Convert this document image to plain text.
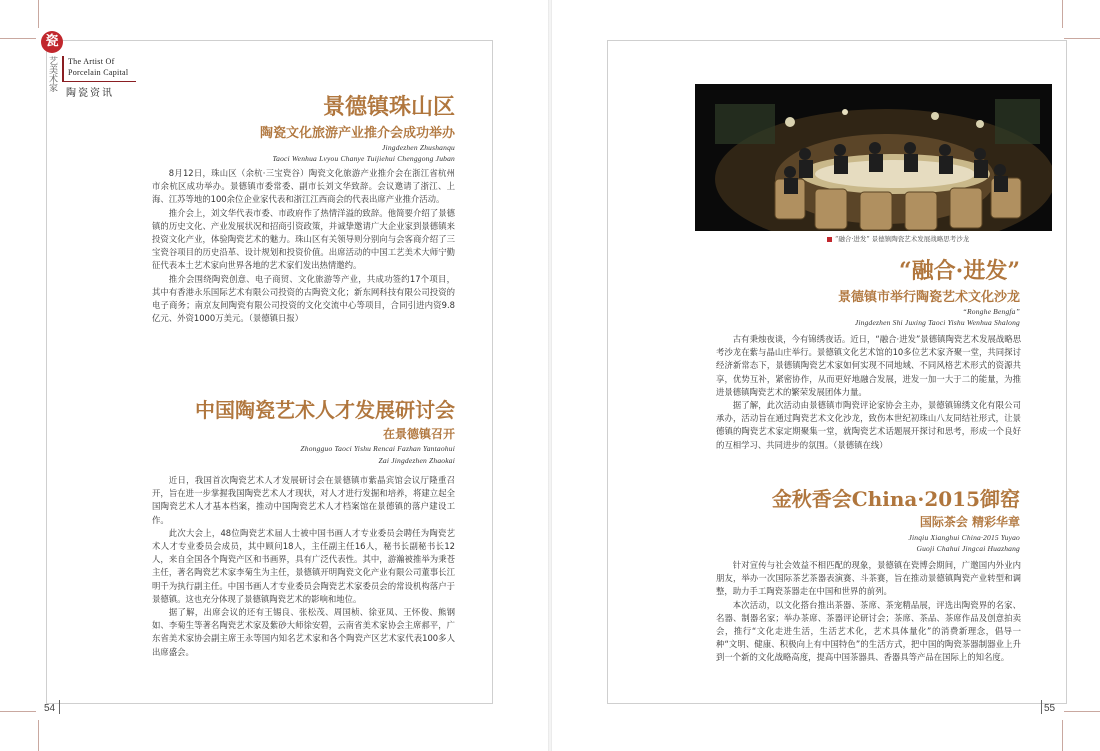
瓷
艺美术家 The Artist Of
Porcelain Capital
陶瓷资讯
景德镇珠山区
陶瓷文化旅游产业推介会成功举办
Jingdezhen Zhushanqu
Taoci Wenhua Lvyou Chanye Tuijiehui Chenggong Juban

8月12日，珠山区（余杭·三宝瓷谷）陶瓷文化旅游产业推介会在浙江省杭州市余杭区成功举办。景德镇市委常委、副市长刘文华致辞。会议邀请了浙江、上海、江苏等地的100余位企业家代表和浙江江西商会的代表出席产业推介活动。

推介会上，刘文华代表市委、市政府作了热情洋溢的致辞。他简要介绍了景德镇的历史文化、产业发展状况和招商引资政策，并诚挚邀请广大企业家到景德镇来投资文化产业，体验陶瓷艺术的魅力。珠山区有关领导则分别向与会客商介绍了三宝瓷谷项目的历史沿革、设计规划和投资价值。出席活动的中国工艺美术大师宁勤征代表本土艺术家向世界各地的艺术家们发出热情邀约。

推介会围绕陶瓷创意、电子商贸、文化旅游等产业，共成功签约17个项目，其中有香港永乐国际艺术有限公司投资的古陶瓷文化；新东网科技有限公司投资的电子商务；南京友间陶瓷有限公司投资的文化交流中心等项目，合同引进内资9.8亿元、外资1000万美元。（景德镇日报）

中国陶瓷艺术人才发展研讨会
在景德镇召开
Zhongguo Taoci Yishu Rencai Fazhan Yantaohui
Zai Jingdezhen Zhaokai

近日，我国首次陶瓷艺术人才发展研讨会在景德镇市紫晶宾馆会议厅隆重召开，旨在进一步掌握我国陶瓷艺术人才现状，对人才进行发掘和培养，将建立起全国陶瓷艺术人才基本档案，推动中国陶瓷艺术人才档案馆在景德镇的落户建设工作。

此次大会上，48位陶瓷艺术届人士被中国书画人才专业委员会聘任为陶瓷艺术人才专业委员会成员，其中顾问18人，主任副主任16人，秘书长副秘书长12人，来自全国各个陶瓷产区和书画界，具有广泛代表性。其中，游瀚被推举为秉苍主任，著名陶瓷艺术家李菊生为主任，景德镇开明陶瓷文化产业有限公司董事长江明千为执行副主任。中国书画人才专业委员会陶瓷艺术家委员会的常设机构落户于景德镇。这也充分体现了景德镇陶瓷艺术的影响和地位。

据了解，出席会议的还有王锡良、张松茂、周国桢、徐亚凤、王怀俊、熊钢如、李菊生等著名陶瓷艺术家及紫砂大师徐安碧，云南省美术家协会主席郝平，广东省美术家协会副主席王永等国内知名艺术家和各个陶瓷产区艺术家代表100多人出席盛会。

54
“融合·进发” 景德镇陶瓷艺术发展战略思考沙龙
“融合·进发”
景德镇市举行陶瓷艺术文化沙龙
“Ronghe Bengfa”
Jingdezhen Shi Juxing Taoci Yishu Wenhua Shalong

古有秉烛夜谈，今有锦绣夜话。近日，“融合·进发”景德镇陶瓷艺术发展战略思考沙龙在紫与晶山庄举行。景德镇文化艺术馆的10多位艺术家齐聚一堂，共同探讨经济新常态下，景德镇陶瓷艺术家如何实现不同地域、不同风格艺术形式的资源共享，优势互补，紧密协作，从而更好地融合发展，进发一加一大于二的能量，为推进景德镇陶瓷艺术的繁荣发展团体力量。

据了解，此次活动由景德镇市陶瓷评论家协会主办，景德镇锦绣文化有限公司承办，活动旨在通过陶瓷艺术文化沙龙，致伤本世纪初珠山八友同结社形式，让景德镇的陶瓷艺术家定期聚集一堂，就陶瓷艺术话题展开探讨和思考，形成一个良好的互相学习、共同进步的氛围。（景德镇在线）

金秋香会China·2015御窑
国际茶会 精彩华章
Jinqiu Xianghui China·2015 Yuyao
Guoji Chahui Jingcai Huazhang

针对宣传与社会效益不相匹配的现象，景德镇在瓷博会期间，广邀国内外业内朋友，举办一次国际茶艺茶器表演赛、斗茶赛，旨在推动景德镇陶瓷产业转型和调整，助力手工陶瓷茶器走在中国和世界的前列。

本次活动，以文化搭台推出茶器、茶席、茶宠精品展，评选出陶瓷界的名家、名器、制器名家；举办茶席、茶器评论研讨会；茶席、茶品、茶席作品及创意拍卖会，推行“文化走进生活，生活艺术化，艺术具体量化”的消费新理念，倡导一种“文明、健康、积极向上有中国特色”的生活方式，把中国的陶瓷茶器制器业上升到一个新的文化战略高度，提高中国茶器具、香器具等产品在国际上的知名度。

55
